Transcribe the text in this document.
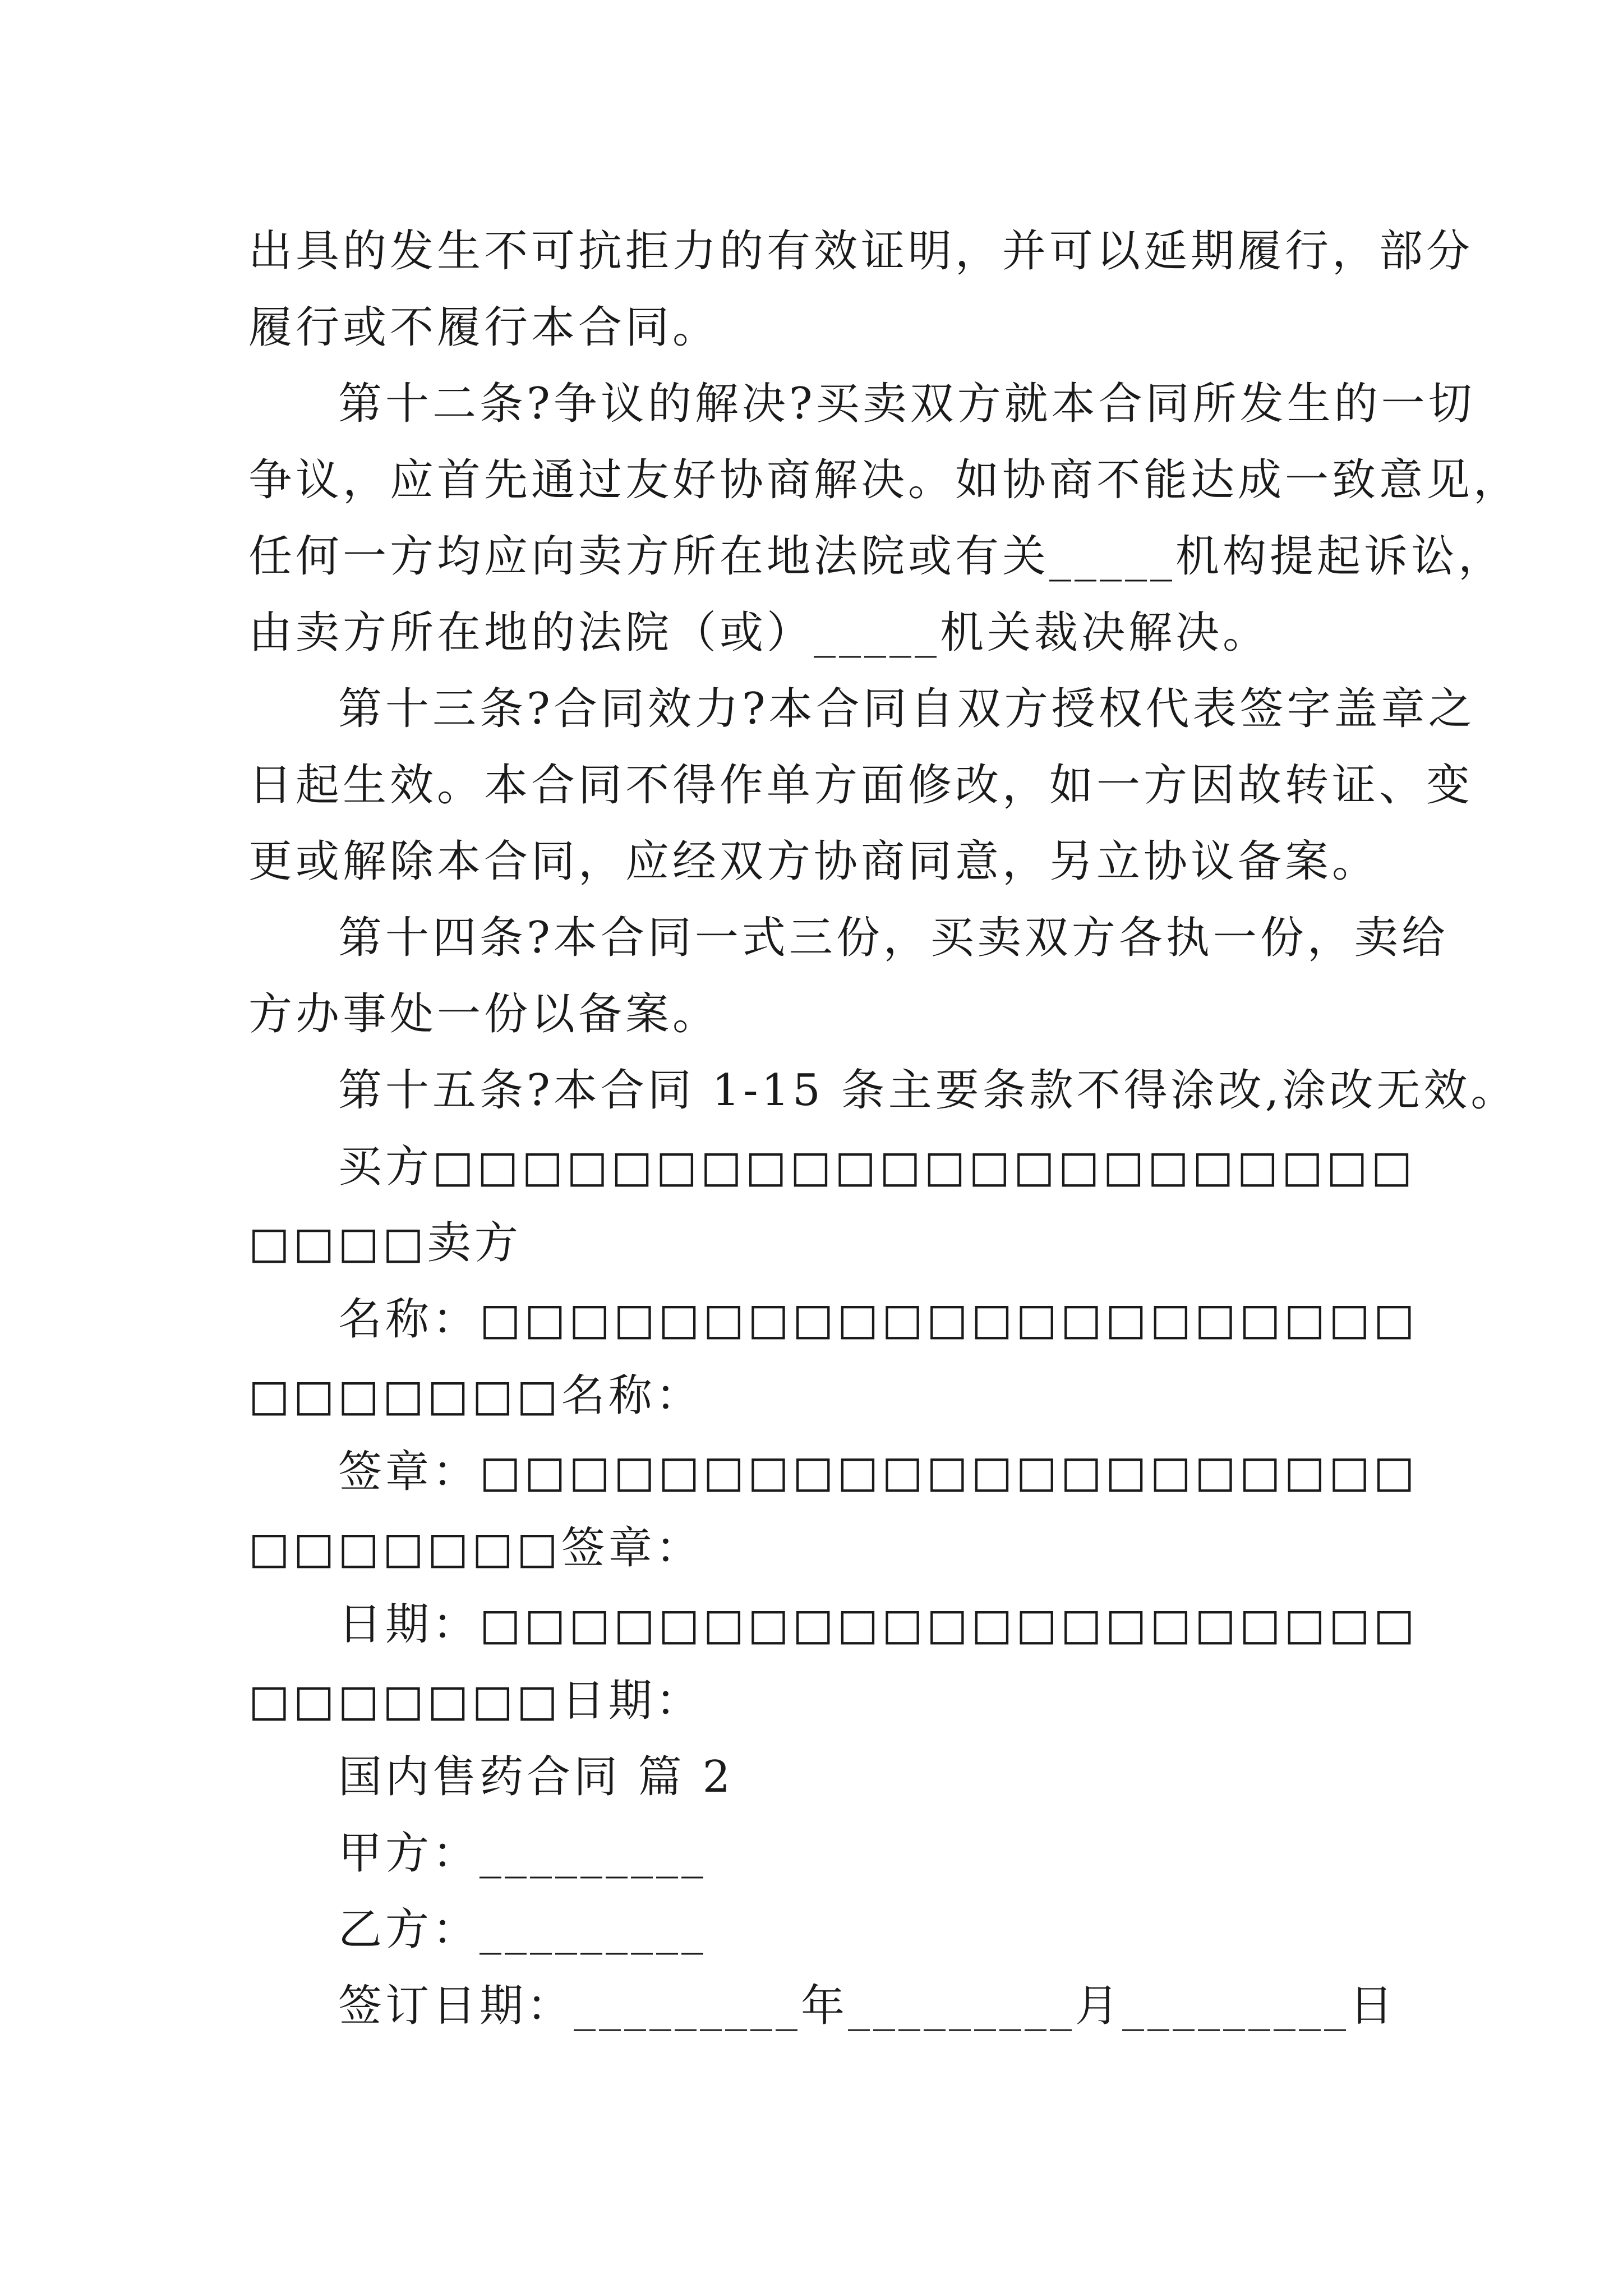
出具的发生不可抗拒力的有效证明，并可以延期履行，部分
履行或不履行本合同。
第十二条?争议的解决?买卖双方就本合同所发生的一切
争议，应首先通过友好协商解决。如协商不能达成一致意见，
任何一方均应向卖方所在地法院或有关_____机构提起诉讼，
由卖方所在地的法院（或）_____机关裁决解决。
第十三条?合同效力?本合同自双方授权代表签字盖章之
日起生效。本合同不得作单方面修改，如一方因故转证、变
更或解除本合同，应经双方协商同意，另立协议备案。
第十四条?本合同一式三份，买卖双方各执一份，卖给
方办事处一份以备案。
第十五条?本合同 1-15 条主要条款不得涂改,涂改无效。
买方□□□□□□□□□□□□□□□□□□□□□□
□□□□卖方
名称：□□□□□□□□□□□□□□□□□□□□□
□□□□□□□名称：
签章：□□□□□□□□□□□□□□□□□□□□□
□□□□□□□签章：
日期：□□□□□□□□□□□□□□□□□□□□□
□□□□□□□日期：
国内售药合同 篇 2
甲方：_________
乙方：_________
签订日期：_________年_________月_________日
